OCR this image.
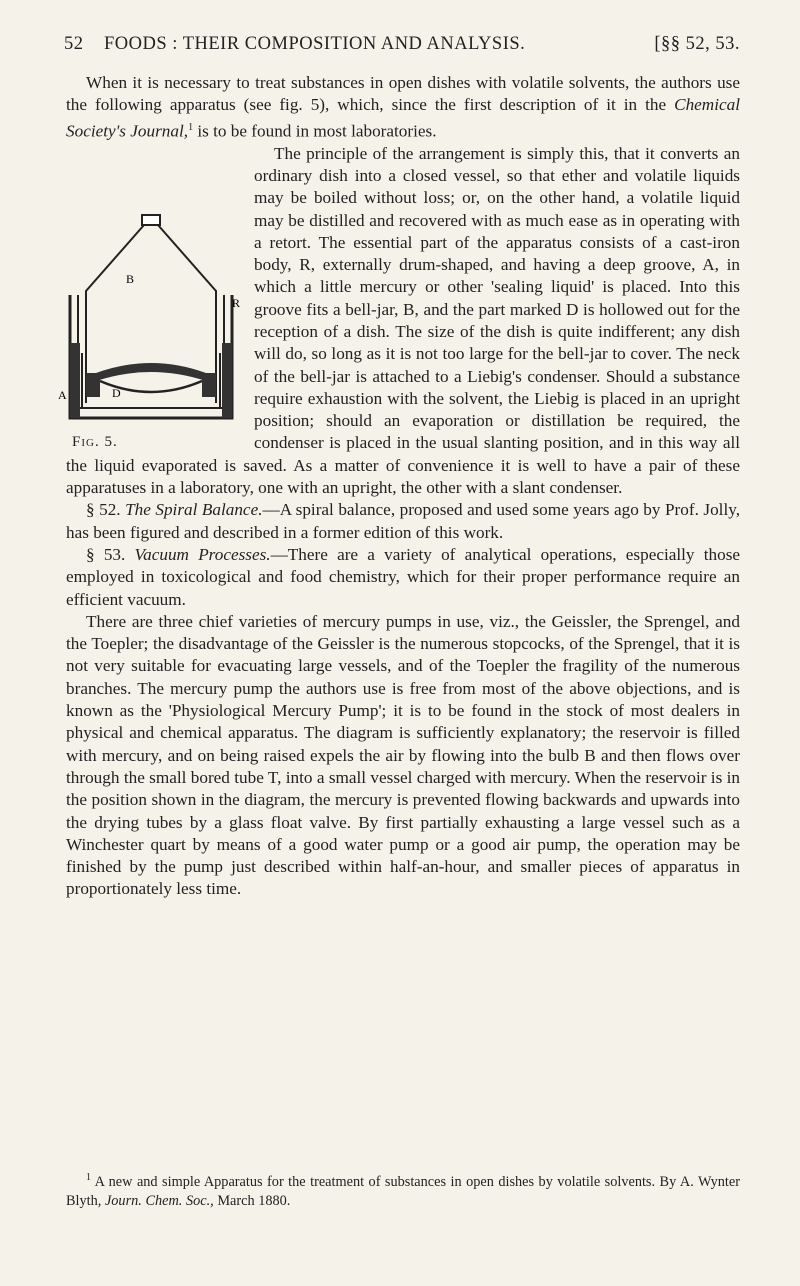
52 FOODS : THEIR COMPOSITION AND ANALYSIS.	[§§ 52, 53.

When it is necessary to treat substances in open dishes with volatile solvents, the authors use the following apparatus (see fig. 5), which, since the first description of it in the Chemical Society's Journal,$^1$ is to be found in most laboratories.

B
R
A	D
Fig. 5.

The principle of the arrangement is simply this, that it converts an ordinary dish into a closed vessel, so that ether and volatile liquids may be boiled without loss; or, on the other hand, a volatile liquid may be distilled and recovered with as much ease as in operating with a retort. The essential part of the apparatus consists of a cast-iron body, R, externally drum-shaped, and having a deep groove, A, in which a little mercury or other 'sealing liquid' is placed. Into this groove fits a bell-jar, B, and the part marked D is hollowed out for the reception of a dish. The size of the dish is quite indifferent; any dish will do, so long as it is not too large for the bell-jar to cover. The neck of the bell-jar is attached to a Liebig's condenser. Should a substance require exhaustion with the solvent, the Liebig is placed in an upright position; should an evaporation or distillation be required, the condenser is placed in the usual slanting position, and in this way all the liquid evaporated is saved. As a matter of convenience it is well to have a pair of these apparatuses in a laboratory, one with an upright, the other with a slant condenser.

§ 52. The Spiral Balance.—A spiral balance, proposed and used some years ago by Prof. Jolly, has been figured and described in a former edition of this work.

§ 53. Vacuum Processes.—There are a variety of analytical operations, especially those employed in toxicological and food chemistry, which for their proper performance require an efficient vacuum.

There are three chief varieties of mercury pumps in use, viz., the Geissler, the Sprengel, and the Toepler; the disadvantage of the Geissler is the numerous stopcocks, of the Sprengel, that it is not very suitable for evacuating large vessels, and of the Toepler the fragility of the numerous branches. The mercury pump the authors use is free from most of the above objections, and is known as the 'Physiological Mercury Pump'; it is to be found in the stock of most dealers in physical and chemical apparatus. The diagram is sufficiently explanatory; the reservoir is filled with mercury, and on being raised expels the air by flowing into the bulb B and then flows over through the small bored tube T, into a small vessel charged with mercury. When the reservoir is in the position shown in the diagram, the mercury is prevented flowing backwards and upwards into the drying tubes by a glass float valve. By first partially exhausting a large vessel such as a Winchester quart by means of a good water pump or a good air pump, the operation may be finished by the pump just described within half-an-hour, and smaller pieces of apparatus in proportionately less time.

$^1$ A new and simple Apparatus for the treatment of substances in open dishes by volatile solvents. By A. Wynter Blyth, Journ. Chem. Soc., March 1880.
